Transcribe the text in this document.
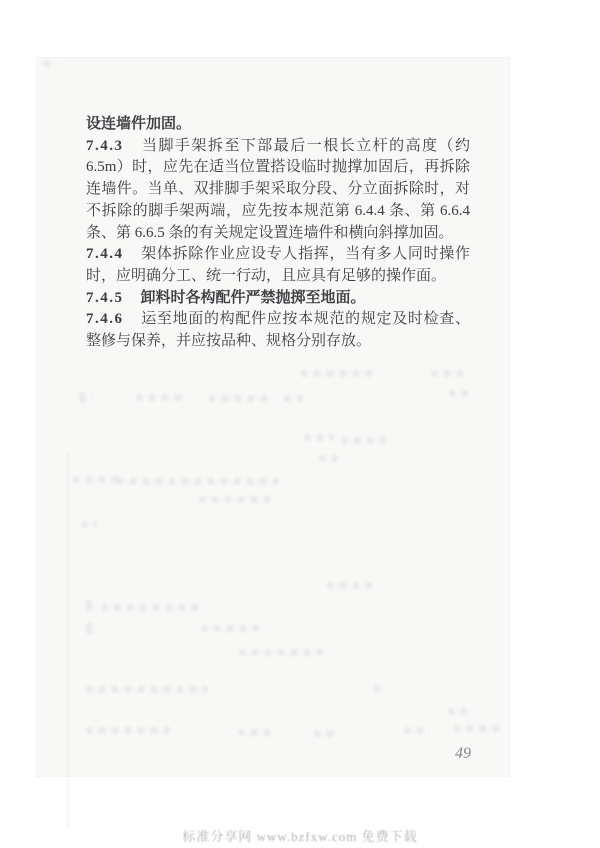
设连墙件加固。

7.4.3 当脚手架拆至下部最后一根长立杆的高度（约 6.5m）时，应先在适当位置搭设临时抛撑加固后，再拆除连墙件。当单、双排脚手架采取分段、分立面拆除时，对不拆除的脚手架两端，应先按本规范第 6.4.4 条、第 6.6.4 条、第 6.6.5 条的有关规定设置连墙件和横向斜撑加固。

7.4.4 架体拆除作业应设专人指挥，当有多人同时操作时，应明确分工、统一行动，且应具有足够的操作面。

7.4.5 卸料时各构配件严禁抛掷至地面。

7.4.6 运至地面的构配件应按本规范的规定及时检查、整修与保养，并应按品种、规格分别存放。

49
标准分享网 www.bzfxw.com 免费下载
